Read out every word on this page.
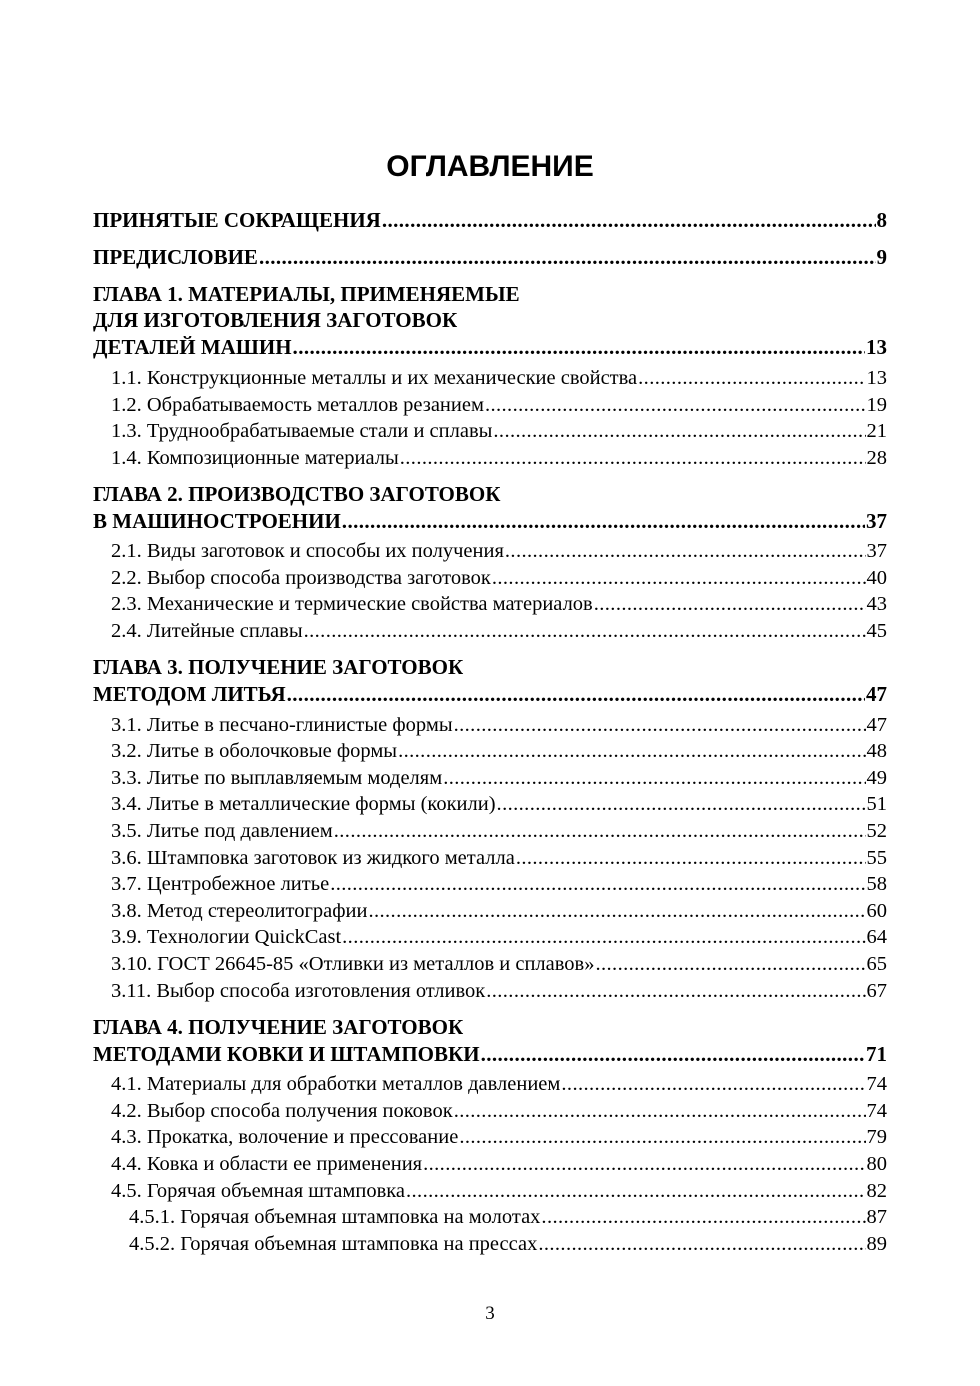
ОГЛАВЛЕНИЕ
ПРИНЯТЫЕ СОКРАЩЕНИЯ .....	8
ПРЕДИСЛОВИЕ .....	9
ГЛАВА 1. МАТЕРИАЛЫ, ПРИМЕНЯЕМЫЕ
ДЛЯ ИЗГОТОВЛЕНИЯ ЗАГОТОВОК
ДЕТАЛЕЙ МАШИН .....	13
1.1. Конструкционные металлы и их механические свойства .....	13
1.2. Обрабатываемость металлов резанием .....	19
1.3. Труднообрабатываемые стали и сплавы .....	21
1.4. Композиционные материалы .....	28
ГЛАВА 2. ПРОИЗВОДСТВО ЗАГОТОВОК
В МАШИНОСТРОЕНИИ .....	37
2.1. Виды заготовок и способы их получения .....	37
2.2. Выбор способа производства заготовок .....	40
2.3. Механические и термические свойства материалов .....	43
2.4. Литейные сплавы .....	45
ГЛАВА 3. ПОЛУЧЕНИЕ ЗАГОТОВОК
МЕТОДОМ ЛИТЬЯ .....	47
3.1. Литье в песчано-глинистые формы .....	47
3.2. Литье в оболочковые формы .....	48
3.3. Литье по выплавляемым моделям .....	49
3.4. Литье в металлические формы (кокили) .....	51
3.5. Литье под давлением .....	52
3.6. Штамповка заготовок из жидкого металла .....	55
3.7. Центробежное литье .....	58
3.8. Метод стереолитографии .....	60
3.9. Технологии QuickCast .....	64
3.10. ГОСТ 26645-85 «Отливки из металлов и сплавов» .....	65
3.11. Выбор способа изготовления отливок .....	67
ГЛАВА 4. ПОЛУЧЕНИЕ ЗАГОТОВОК
МЕТОДАМИ КОВКИ И ШТАМПОВКИ .....	71
4.1. Материалы для обработки металлов давлением .....	74
4.2. Выбор способа получения поковок .....	74
4.3. Прокатка, волочение и прессование .....	79
4.4. Ковка и области ее применения .....	80
4.5. Горячая объемная штамповка .....	82
4.5.1. Горячая объемная штамповка на молотах .....	87
4.5.2. Горячая объемная штамповка на прессах .....	89
3
